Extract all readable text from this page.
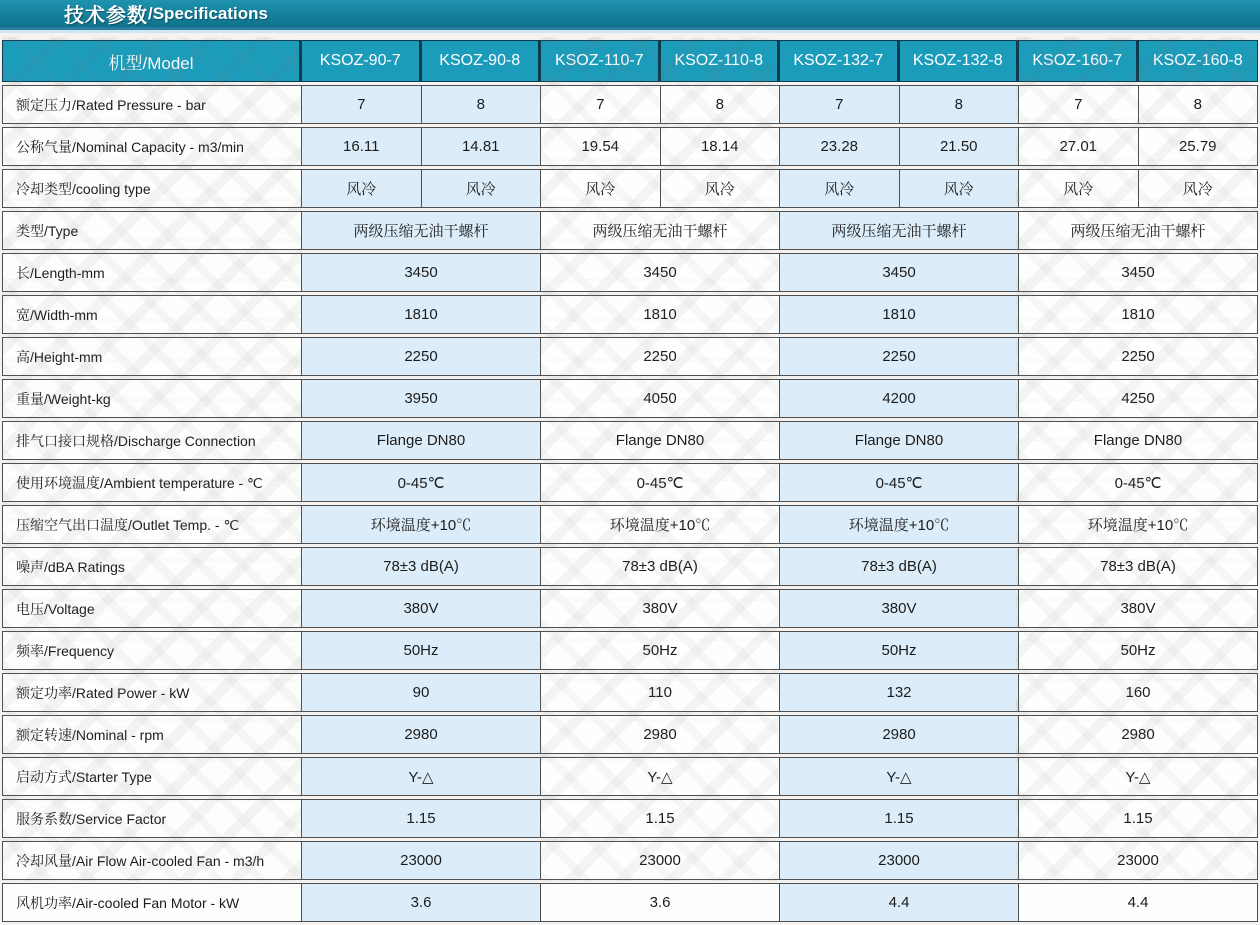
技术参数 /Specifications
机型/Model	KSOZ-90-7	KSOZ-90-8	KSOZ-110-7	KSOZ-110-8	KSOZ-132-7	KSOZ-132-8	KSOZ-160-7	KSOZ-160-8
额定压力/Rated Pressure - bar	7	8	7	8	7	8	7	8
公称气量/Nominal Capacity - m3/min	16.11	14.81	19.54	18.14	23.28	21.50	27.01	25.79
冷却类型/cooling type	风冷	风冷	风冷	风冷	风冷	风冷	风冷	风冷
类型/Type	两级压缩无油干螺杆		两级压缩无油干螺杆		两级压缩无油干螺杆		两级压缩无油干螺杆	
长/Length-mm	3450		3450		3450		3450	
宽/Width-mm	1810		1810		1810		1810	
高/Height-mm	2250		2250		2250		2250	
重量/Weight-kg	3950		4050		4200		4250	
排气口接口规格/Discharge Connection	Flange DN80		Flange DN80		Flange DN80		Flange DN80	
使用环境温度/Ambient temperature - ℃	0-45℃		0-45℃		0-45℃		0-45℃	
压缩空气出口温度/Outlet Temp. - ℃	环境温度+10℃		环境温度+10℃		环境温度+10℃		环境温度+10℃	
噪声/dBA Ratings	78±3 dB(A)		78±3 dB(A)		78±3 dB(A)		78±3 dB(A)	
电压/Voltage	380V		380V		380V		380V	
频率/Frequency	50Hz		50Hz		50Hz		50Hz	
额定功率/Rated Power - kW	90		110		132		160	
额定转速/Nominal - rpm	2980		2980		2980		2980	
启动方式/Starter Type	Y-△		Y-△		Y-△		Y-△	
服务系数/Service Factor	1.15		1.15		1.15		1.15	
冷却风量/Air Flow Air-cooled Fan - m3/h	23000		23000		23000		23000	
风机功率/Air-cooled Fan Motor - kW	3.6		3.6		4.4		4.4	
